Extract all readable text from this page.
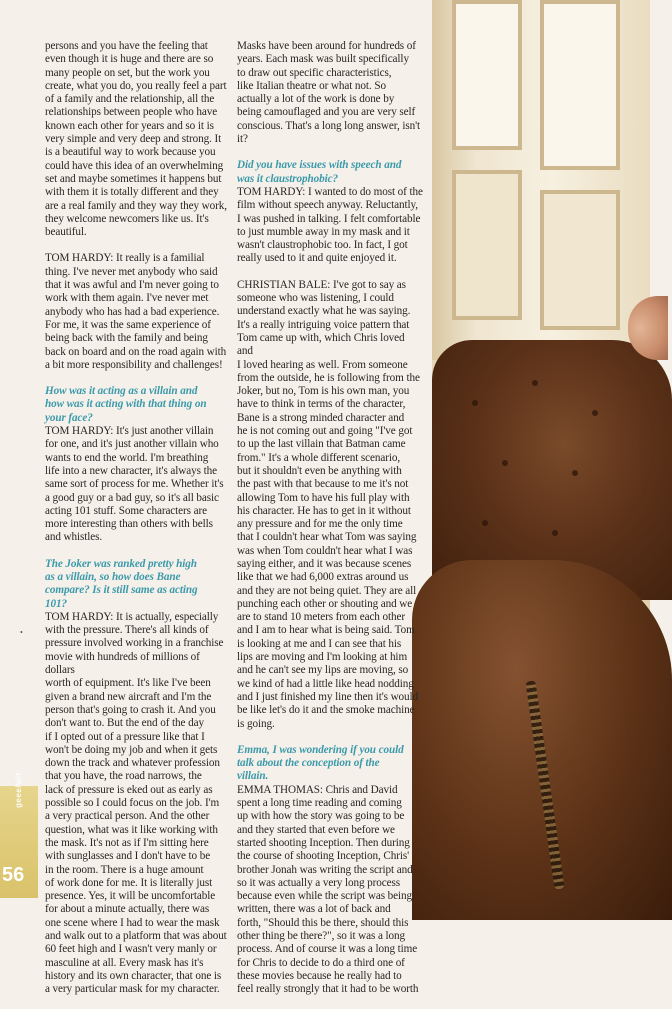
persons and you have the feeling that
even though it is huge and there are so
many people on set, but the work you
create, what you do, you really feel a part
of a family and the relationship, all the
relationships between people who have
known each other for years and so it is
very simple and very deep and strong. It
is a beautiful way to work because you
could have this idea of an overwhelming
set and maybe sometimes it happens but
with them it is totally different and they
are a real family and they way they work,
they welcome newcomers like us. It's
beautiful.

TOM HARDY: It really is a familial
thing. I've never met anybody who said
that it was awful and I'm never going to
work with them again. I've never met
anybody who has had a bad experience.
For me, it was the same experience of
being back with the family and being
back on board and on the road again with
a bit more responsibility and challenges!

How was it acting as a villain and
how was it acting with that thing on
your face?

TOM HARDY: It's just another villain
for one, and it's just another villain who
wants to end the world. I'm breathing
life into a new character, it's always the
same sort of process for me. Whether it's
a good guy or a bad guy, so it's all basic
acting 101 stuff. Some characters are
more interesting than others with bells
and whistles.

The Joker was ranked pretty high
as a villain, so how does Bane
compare? Is it still same as acting
101?

TOM HARDY: It is actually, especially
with the pressure. There's all kinds of
pressure involved working in a franchise
movie with hundreds of millions of dollars
worth of equipment. It's like I've been
given a brand new aircraft and I'm the
person that's going to crash it. And you
don't want to. But the end of the day
if I opted out of a pressure like that I
won't be doing my job and when it gets
down the track and whatever profession
that you have, the road narrows, the
lack of pressure is eked out as early as
possible so I could focus on the job. I'm
a very practical person. And the other
question, what was it like working with
the mask. It's not as if I'm sitting here
with sunglasses and I don't have to be
in the room. There is a huge amount
of work done for me. It is literally just
presence. Yes, it will be uncomfortable
for about a minute actually, there was
one scene where I had to wear the mask
and walk out to a platform that was about
60 feet high and I wasn't very manly or
masculine at all. Every mask has it's
history and its own character, that one is
a very particular mask for my character.

Masks have been around for hundreds of
years. Each mask was built specifically
to draw out specific characteristics,
like Italian theatre or what not. So
actually a lot of the work is done by
being camouflaged and you are very self
conscious. That's a long long answer, isn't
it?

Did you have issues with speech and
was it claustrophobic?

TOM HARDY: I wanted to do most of the
film without speech anyway. Reluctantly,
I was pushed in talking. I felt comfortable
to just mumble away in my mask and it
wasn't claustrophobic too. In fact, I got
really used to it and quite enjoyed it.

CHRISTIAN BALE: I've got to say as
someone who was listening, I could
understand exactly what he was saying.
It's a really intriguing voice pattern that
Tom came up with, which Chris loved and
I loved hearing as well. From someone
from the outside, he is following from the
Joker, but no, Tom is his own man, you
have to think in terms of the character,
Bane is a strong minded character and
he is not coming out and going "I've got
to up the last villain that Batman came
from." It's a whole different scenario,
but it shouldn't even be anything with
the past with that because to me it's not
allowing Tom to have his full play with
his character. He has to get in it without
any pressure and for me the only time
that I couldn't hear what Tom was saying
was when Tom couldn't hear what I was
saying either, and it was because scenes
like that we had 6,000 extras around us
and they are not being quiet. They are all
punching each other or shouting and we
are to stand 10 meters from each other
and I am to hear what is being said. Tom
is looking at me and I can see that his
lips are moving and I'm looking at him
and he can't see my lips are moving, so
we kind of had a little like head nodding
and I just finished my line then it's would
be like let's do it and the smoke machine
is going.

Emma, I was wondering if you could
talk about the conception of the
villain.

EMMA THOMAS: Chris and David
spent a long time reading and coming
up with how the story was going to be
and they started that even before we
started shooting Inception. Then during
the course of shooting Inception, Chris'
brother Jonah was writing the script and
so it was actually a very long process
because even while the script was being
written, there was a lot of back and
forth, "Should this be there, should this
other thing be there?", so it was a long
process. And of course it was a long time
for Chris to decide to do a third one of
these movies because he really had to
feel really strongly that it had to be worth

•
geee/wit
56
